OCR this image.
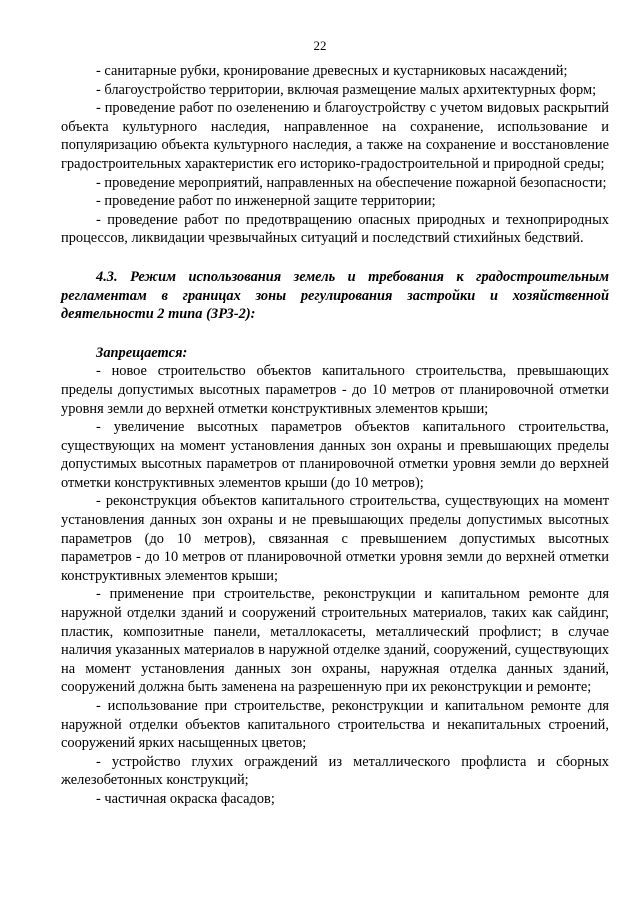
22

- санитарные рубки, кронирование древесных и кустарниковых насаждений;

- благоустройство территории, включая размещение малых архитектурных форм;

- проведение работ по озеленению и благоустройству с учетом видовых раскрытий объекта культурного наследия, направленное на сохранение, использование и популяризацию объекта культурного наследия, а также на сохранение и восстановление градостроительных характеристик его историко-градостроительной и природной среды;

- проведение мероприятий, направленных на обеспечение пожарной безопасности;

- проведение работ по инженерной защите территории;

- проведение работ по предотвращению опасных природных и техноприродных процессов, ликвидации чрезвычайных ситуаций и последствий стихийных бедствий.

4.3. Режим использования земель и требования к градостроительным регламентам в границах зоны регулирования застройки и хозяйственной деятельности 2 типа (ЗРЗ-2):

Запрещается:

- новое строительство объектов капитального строительства, превышающих пределы допустимых высотных параметров - до 10 метров от планировочной отметки уровня земли до верхней отметки конструктивных элементов крыши;

- увеличение высотных параметров объектов капитального строительства, существующих на момент установления данных зон охраны и превышающих пределы допустимых высотных параметров от планировочной отметки уровня земли до верхней отметки конструктивных элементов крыши (до 10 метров);

- реконструкция объектов капитального строительства, существующих на момент установления данных зон охраны и не превышающих пределы допустимых высотных параметров (до 10 метров), связанная с превышением допустимых высотных параметров - до 10 метров от планировочной отметки уровня земли до верхней отметки конструктивных элементов крыши;

- применение при строительстве, реконструкции и капитальном ремонте для наружной отделки зданий и сооружений строительных материалов, таких как сайдинг, пластик, композитные панели, металлокасеты, металлический профлист; в случае наличия указанных материалов в наружной отделке зданий, сооружений, существующих на момент установления данных зон охраны, наружная отделка данных зданий, сооружений должна быть заменена на разрешенную при их реконструкции и ремонте;

- использование при строительстве, реконструкции и капитальном ремонте для наружной отделки объектов капитального строительства и некапитальных строений, сооружений ярких насыщенных цветов;

- устройство глухих ограждений из металлического профлиста и сборных железобетонных конструкций;

- частичная окраска фасадов;
